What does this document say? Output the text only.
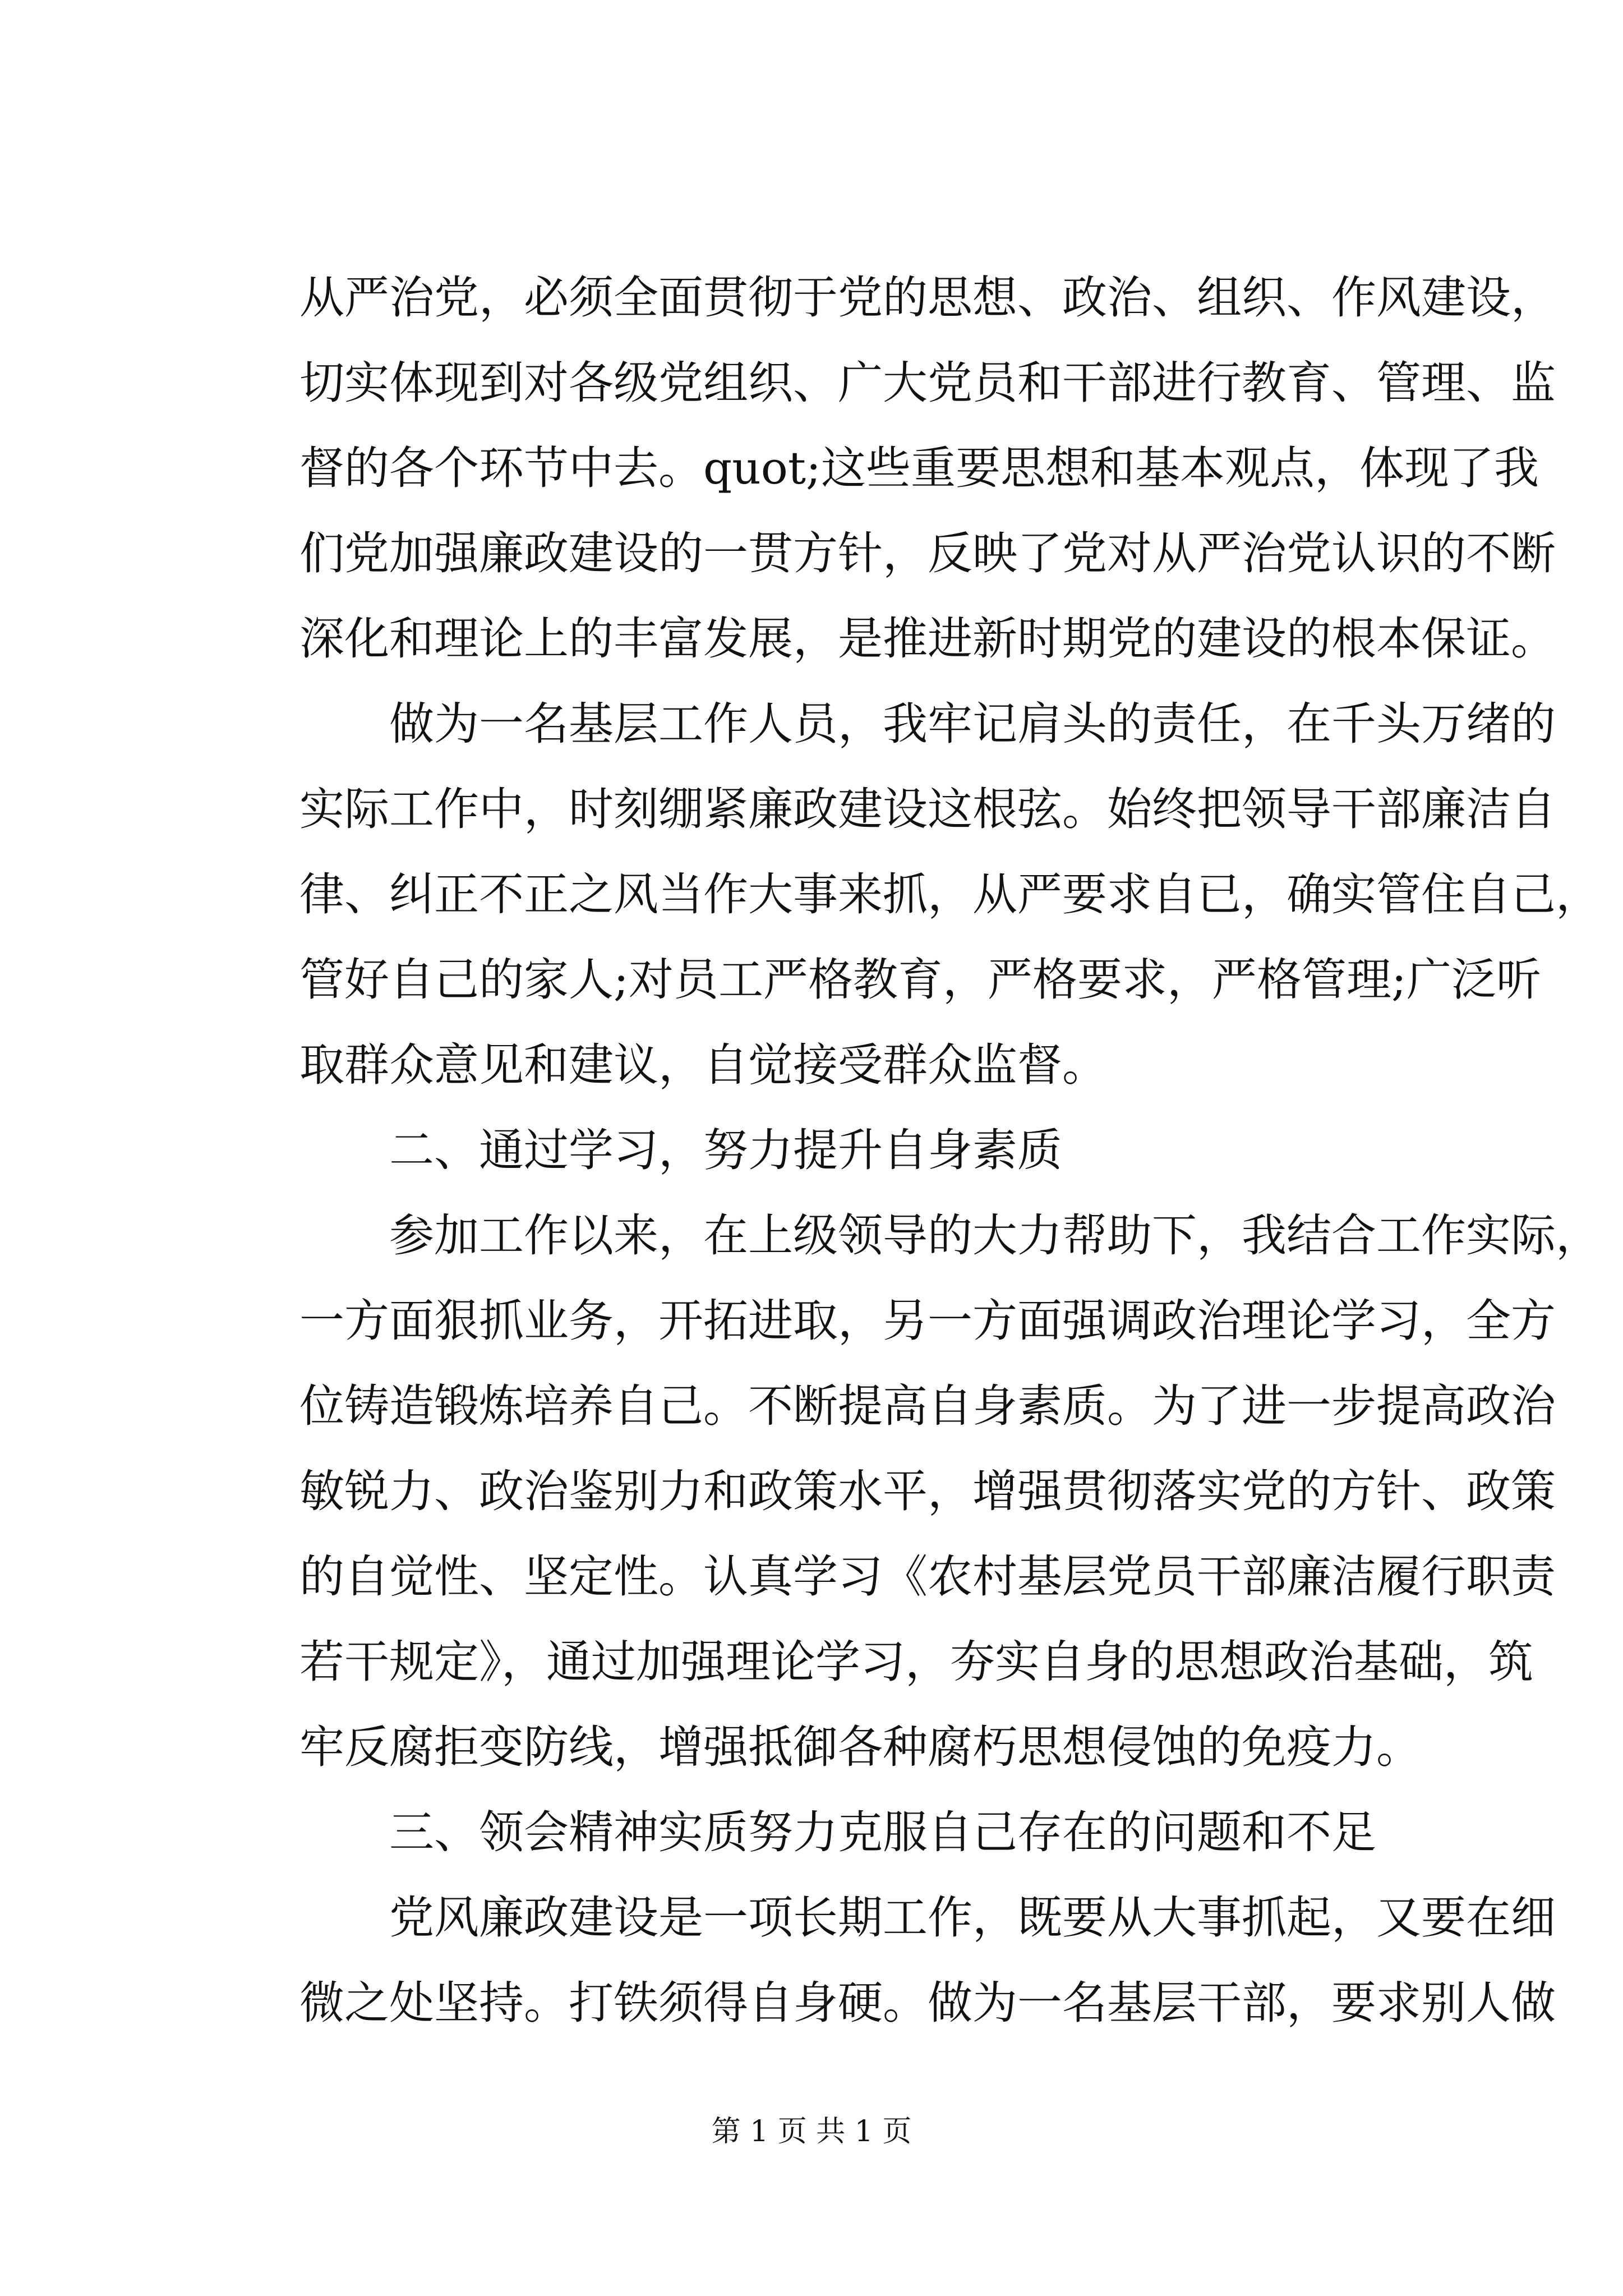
从严治党，必须全面贯彻于党的思想、政治、组织、作风建设，
切实体现到对各级党组织、广大党员和干部进行教育、管理、监
督的各个环节中去。quot;这些重要思想和基本观点，体现了我
们党加强廉政建设的一贯方针，反映了党对从严治党认识的不断
深化和理论上的丰富发展，是推进新时期党的建设的根本保证。
　　做为一名基层工作人员，我牢记肩头的责任，在千头万绪的
实际工作中，时刻绷紧廉政建设这根弦。始终把领导干部廉洁自
律、纠正不正之风当作大事来抓，从严要求自已，确实管住自己，
管好自己的家人;对员工严格教育，严格要求，严格管理;广泛听
取群众意见和建议，自觉接受群众监督。
　　二、通过学习，努力提升自身素质
　　参加工作以来，在上级领导的大力帮助下，我结合工作实际，
一方面狠抓业务，开拓进取，另一方面强调政治理论学习，全方
位铸造锻炼培养自己。不断提高自身素质。为了进一步提高政治
敏锐力、政治鉴别力和政策水平，增强贯彻落实党的方针、政策
的自觉性、坚定性。认真学习《农村基层党员干部廉洁履行职责
若干规定》，通过加强理论学习，夯实自身的思想政治基础，筑
牢反腐拒变防线，增强抵御各种腐朽思想侵蚀的免疫力。
　　三、领会精神实质努力克服自己存在的问题和不足
　　党风廉政建设是一项长期工作，既要从大事抓起，又要在细
微之处坚持。打铁须得自身硬。做为一名基层干部，要求别人做
第 1 页 共 1 页
